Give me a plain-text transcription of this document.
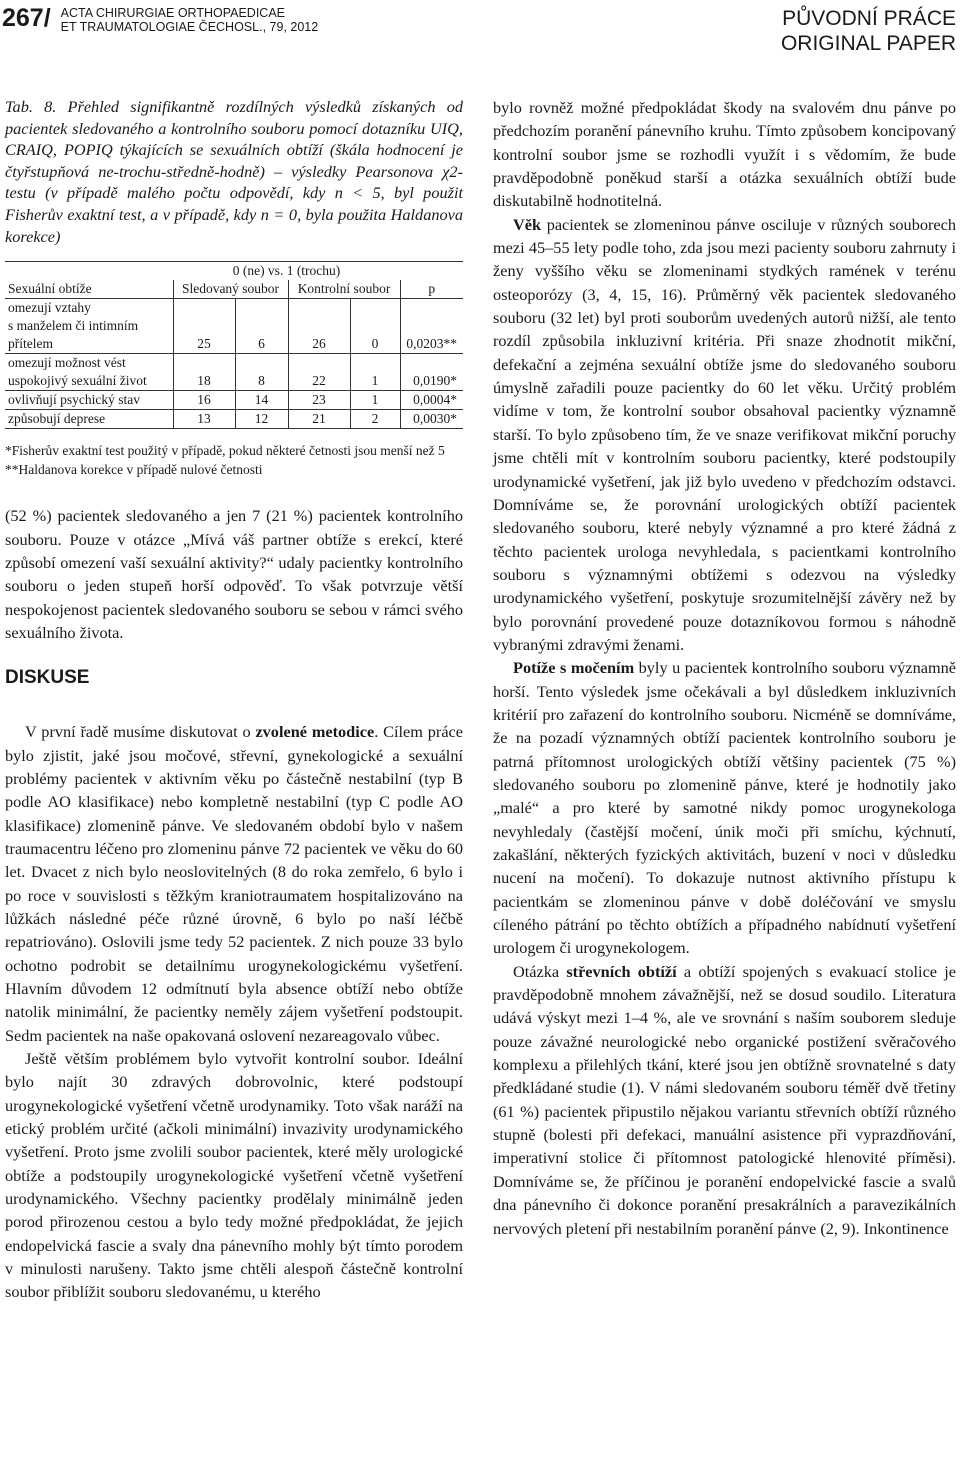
267/ ACTA CHIRURGIAE ORTHOPAEDICAE
ET TRAUMATOLOGIAE ČECHOSL., 79, 2012	PŮVODNÍ PRÁCE
ORIGINAL PAPER

Tab. 8. Přehled signifikantně rozdílných výsledků získaných od pacientek sledovaného a kontrolního souboru pomocí dotazníku UIQ, CRAIQ, POPIQ týkajících se sexuálních obtíží (škála hodnocení je čtyřstupňová ne-trochu-středně-hodně) – výsledky Pearsonova χ2-testu (v případě malého počtu odpovědí, kdy n < 5, byl použit Fisherův exaktní test, a v případě, kdy n = 0, byla použita Haldanova korekce)

	0 (ne) vs. 1 (trochu)				
Sexuální obtíže	Sledovaný soubor		Kontrolní soubor		p

omezují vztahy
s manželem či intimním
přítelem	25	6	26	0	0,0203**

omezují možnost vést
uspokojivý sexuální život	18	8	22	1	0,0190*

ovlivňují psychický stav	16	14	23	1	0,0004*

způsobují deprese	13	12	21	2	0,0030*
*Fisherův exaktní test použitý v případě, pokud některé četnosti jsou menší než 5
**Haldanova korekce v případě nulové četnosti

(52 %) pacientek sledovaného a jen 7 (21 %) pacientek kontrolního souboru. Pouze v otázce „Mívá váš partner obtíže s erekcí, které způsobí omezení vaší sexuální aktivity?“ udaly pacientky kontrolního souboru o jeden stupeň horší odpověď. To však potvrzuje větší nespokojenost pacientek sledovaného souboru se sebou v rámci svého sexuálního života.

DISKUSE

V první řadě musíme diskutovat o zvolené metodice. Cílem práce bylo zjistit, jaké jsou močové, střevní, gynekologické a sexuální problémy pacientek v aktivním věku po částečně nestabilní (typ B podle AO klasifikace) nebo kompletně nestabilní (typ C podle AO klasifikace) zlomenině pánve. Ve sledovaném období bylo v našem traumacentru léčeno pro zlomeninu pánve 72 pacientek ve věku do 60 let. Dvacet z nich bylo neoslovitelných (8 do roka zemřelo, 6 bylo i po roce v souvislosti s těžkým kraniotraumatem hospitalizováno na lůžkách následné péče různé úrovně, 6 bylo po naší léčbě repatriováno). Oslovili jsme tedy 52 pacientek. Z nich pouze 33 bylo ochotno podrobit se detailnímu urogynekologickému vyšetření. Hlavním důvodem 12 odmítnutí byla absence obtíží nebo obtíže natolik minimální, že pacientky neměly zájem vyšetření podstoupit. Sedm pacientek na naše opakovaná oslovení nezareagovalo vůbec.

Ještě větším problémem bylo vytvořit kontrolní soubor. Ideální bylo najít 30 zdravých dobrovolnic, které podstoupí urogynekologické vyšetření včetně urodynamiky. Toto však naráží na etický problém určité (ačkoli minimální) invazivity urodynamického vyšetření. Proto jsme zvolili soubor pacientek, které měly urologické obtíže a podstoupily urogynekologické vyšetření včetně vyšetření urodynamického. Všechny pacientky prodělaly minimálně jeden porod přirozenou cestou a bylo tedy možné předpokládat, že jejich endopelvická fascie a svaly dna pánevního mohly být tímto porodem v minulosti narušeny. Takto jsme chtěli alespoň částečně kontrolní soubor přiblížit souboru sledovanému, u kterého

bylo rovněž možné předpokládat škody na svalovém dnu pánve po předchozím poranění pánevního kruhu. Tímto způsobem koncipovaný kontrolní soubor jsme se rozhodli využít i s vědomím, že bude pravděpodobně poněkud starší a otázka sexuálních obtíží bude diskutabilně hodnotitelná.

Věk pacientek se zlomeninou pánve osciluje v různých souborech mezi 45–55 lety podle toho, zda jsou mezi pacienty souboru zahrnuty i ženy vyššího věku se zlomeninami stydkých ramének v terénu osteoporózy (3, 4, 15, 16). Průměrný věk pacientek sledovaného souboru (32 let) byl proti souborům uvedených autorů nižší, ale tento rozdíl způsobila inkluzivní kritéria. Při snaze zhodnotit mikční, defekační a zejména sexuální obtíže jsme do sledovaného souboru úmyslně zařadili pouze pacientky do 60 let věku. Určitý problém vidíme v tom, že kontrolní soubor obsahoval pacientky významně starší. To bylo způsobeno tím, že ve snaze verifikovat mikční poruchy jsme chtěli mít v kontrolním souboru pacientky, které podstoupily urodynamické vyšetření, jak již bylo uvedeno v předchozím odstavci. Domníváme se, že porovnání urologických obtíží pacientek sledovaného souboru, které nebyly významné a pro které žádná z těchto pacientek urologa nevyhledala, s pacientkami kontrolního souboru s významnými obtížemi s odezvou na výsledky urodynamického vyšetření, poskytuje srozumitelnější závěry než by bylo porovnání provedené pouze dotazníkovou formou s náhodně vybranými zdravými ženami.

Potíže s močením byly u pacientek kontrolního souboru významně horší. Tento výsledek jsme očekávali a byl důsledkem inkluzivních kritérií pro zařazení do kontrolního souboru. Nicméně se domníváme, že na pozadí významných obtíží pacientek kontrolního souboru je patrná přítomnost urologických obtíží většiny pacientek (75 %) sledovaného souboru po zlomenině pánve, které je hodnotily jako „malé“ a pro které by samotné nikdy pomoc urogynekologa nevyhledaly (častější močení, únik moči při smíchu, kýchnutí, zakašlání, některých fyzických aktivitách, buzení v noci v důsledku nucení na močení). To dokazuje nutnost aktivního přístupu k pacientkám se zlomeninou pánve v době doléčování ve smyslu cíleného pátrání po těchto obtížích a případného nabídnutí vyšetření urologem či urogynekologem.

Otázka střevních obtíží a obtíží spojených s evakuací stolice je pravděpodobně mnohem závažnější, než se dosud soudilo. Literatura udává výskyt mezi 1–4 %, ale ve srovnání s naším souborem sleduje pouze závažné neurologické nebo organické postižení svěračového komplexu a přilehlých tkání, které jsou jen obtížně srovnatelné s daty předkládané studie (1). V námi sledovaném souboru téměř dvě třetiny (61 %) pacientek připustilo nějakou variantu střevních obtíží různého stupně (bolesti při defekaci, manuální asistence při vyprazdňování, imperativní stolice či přítomnost patologické hlenovité příměsi). Domníváme se, že příčinou je poranění endopelvické fascie a svalů dna pánevního či dokonce poranění presakrálních a paravezikálních nervových pletení při nestabilním poranění pánve (2, 9). Inkontinence
